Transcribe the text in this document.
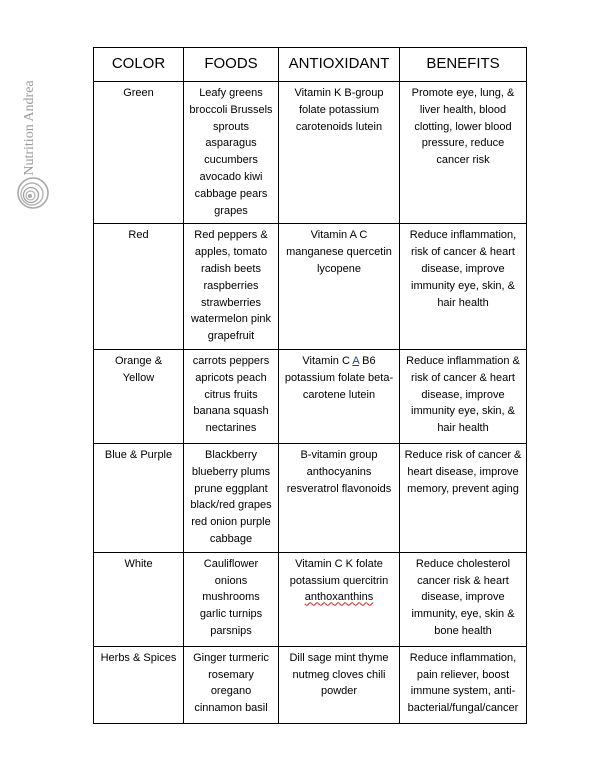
Nutrition Andrea
COLOR	FOODS	ANTIOXIDANT	BENEFITS
Green	Leafy greens broccoli Brussels sprouts asparagus cucumbers avocado kiwi cabbage pears grapes	Vitamin K B-group folate potassium carotenoids lutein	Promote eye, lung, & liver health, blood clotting, lower blood pressure, reduce cancer risk
Red	Red peppers & apples, tomato radish beets raspberries strawberries watermelon pink grapefruit	Vitamin A C manganese quercetin lycopene	Reduce inflammation, risk of cancer & heart disease, improve immunity eye, skin, & hair health
Orange & Yellow	carrots peppers apricots peach citrus fruits banana squash nectarines	Vitamin C A B6 potassium folate beta-carotene lutein	Reduce inflammation & risk of cancer & heart disease, improve immunity eye, skin, & hair health
Blue & Purple	Blackberry blueberry plums prune eggplant black/red grapes red onion purple cabbage	B-vitamin group anthocyanins resveratrol flavonoids	Reduce risk of cancer & heart disease, improve memory, prevent aging
White	Cauliflower onions mushrooms garlic turnips parsnips	Vitamin C K folate potassium quercitrin anthoxanthins	Reduce cholesterol cancer risk & heart disease, improve immunity, eye, skin & bone health
Herbs & Spices	Ginger turmeric rosemary oregano cinnamon basil	Dill sage mint thyme nutmeg cloves chili powder	Reduce inflammation, pain reliever, boost immune system, anti-bacterial/fungal/cancer
